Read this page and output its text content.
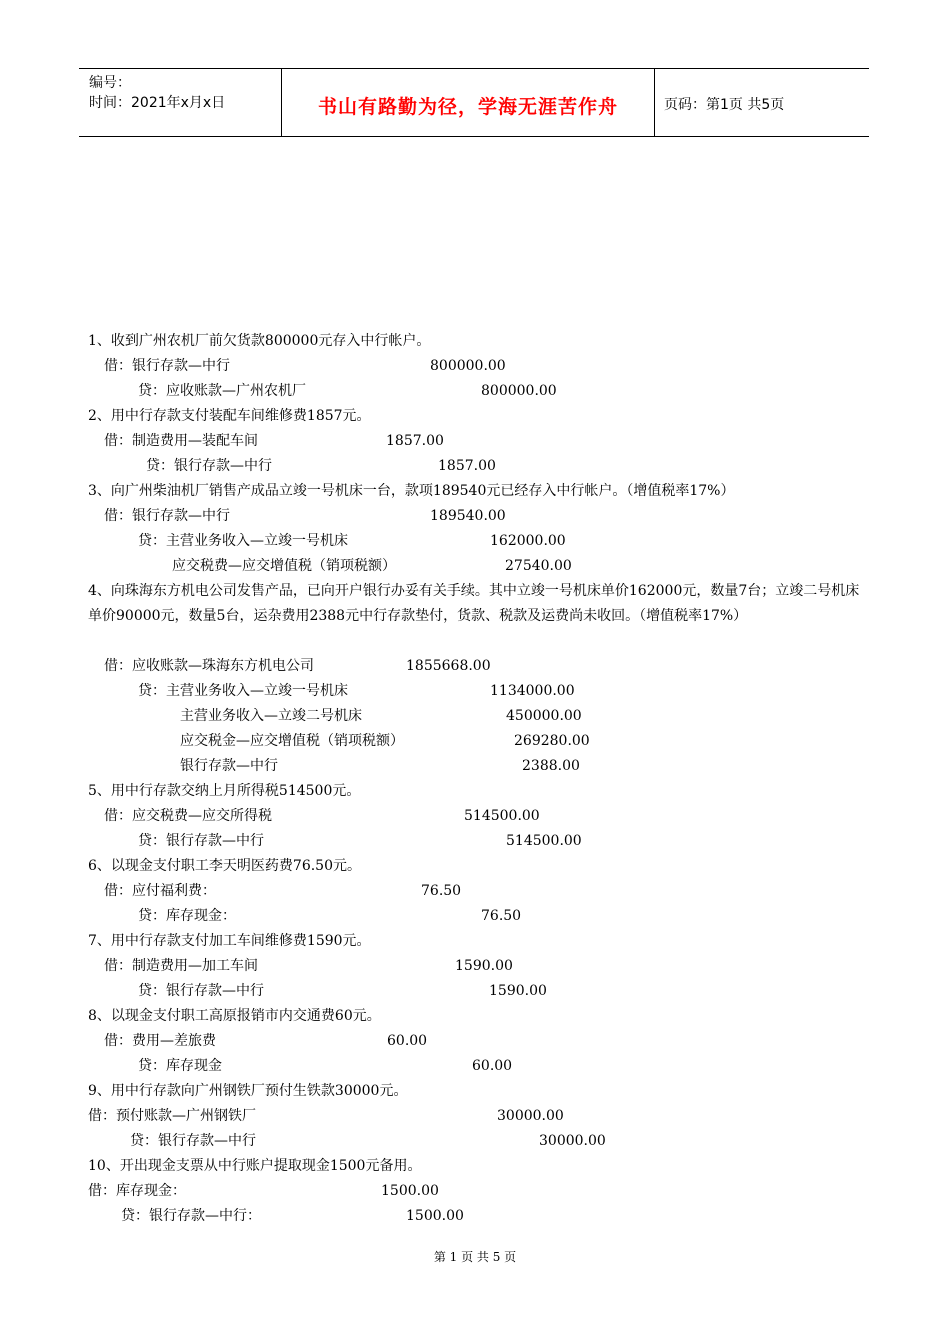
编号：
时间：2021年x月x日	书山有路勤为径，学海无涯苦作舟	页码：第1页 共5页
1、收到广州农机厂前欠货款800000元存入中行帐户。
借：银行存款—中行	800000.00
贷：应收账款—广州农机厂	800000.00
2、用中行存款支付装配车间维修费1857元。
借：制造费用—装配车间	1857.00
贷：银行存款—中行	1857.00
3、向广州柴油机厂销售产成品立竣一号机床一台，款项189540元已经存入中行帐户。（增值税率17%）
借：银行存款—中行	189540.00
贷：主营业务收入—立竣一号机床	162000.00
应交税费—应交增值税（销项税额）	27540.00
4、向珠海东方机电公司发售产品，已向开户银行办妥有关手续。其中立竣一号机床单价162000元，数量7台；立竣二号机床单价90000元，数量5台，运杂费用2388元中行存款垫付，货款、税款及运费尚未收回。（增值税率17%）
借：应收账款—珠海东方机电公司	1855668.00
贷：主营业务收入—立竣一号机床	1134000.00
主营业务收入—立竣二号机床	450000.00
应交税金—应交增值税（销项税额）	269280.00
银行存款—中行	2388.00
5、用中行存款交纳上月所得税514500元。
借：应交税费—应交所得税	514500.00
贷：银行存款—中行	514500.00
6、以现金支付职工李天明医药费76.50元。
借：应付福利费：	76.50
贷：库存现金：	76.50
7、用中行存款支付加工车间维修费1590元。
借：制造费用—加工车间	1590.00
贷：银行存款—中行	1590.00
8、以现金支付职工高原报销市内交通费60元。
借：费用—差旅费	60.00
贷：库存现金	60.00
9、用中行存款向广州钢铁厂预付生铁款30000元。
借：预付账款—广州钢铁厂	30000.00
贷：银行存款—中行	30000.00
10、开出现金支票从中行账户提取现金1500元备用。
借：库存现金：	1500.00
贷：银行存款—中行：	1500.00
第 1 页 共 5 页
